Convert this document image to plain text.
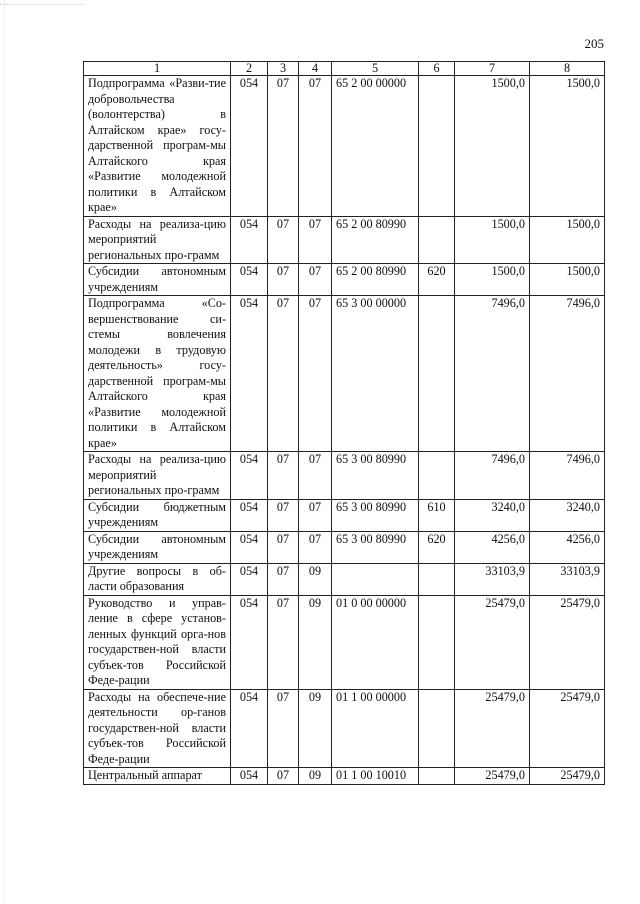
205
1	2	3	4	5	6	7	8
Подпрограмма «Разви-тие добровольчества (волонтерства) в Алтайском крае» госу-дарственной програм-мы Алтайского края «Развитие молодежной политики в Алтайском крае»	054	07	07	65 2 00 00000		1500,0	1500,0
Расходы на реализа-цию мероприятий региональных про-грамм	054	07	07	65 2 00 80990		1500,0	1500,0
Субсидии автономным учреждениям	054	07	07	65 2 00 80990	620	1500,0	1500,0
Подпрограмма «Со-вершенствование си-стемы вовлечения молодежи в трудовую деятельность» госу-дарственной програм-мы Алтайского края «Развитие молодежной политики в Алтайском крае»	054	07	07	65 3 00 00000		7496,0	7496,0
Расходы на реализа-цию мероприятий региональных про-грамм	054	07	07	65 3 00 80990		7496,0	7496,0
Субсидии бюджетным учреждениям	054	07	07	65 3 00 80990	610	3240,0	3240,0
Субсидии автономным учреждениям	054	07	07	65 3 00 80990	620	4256,0	4256,0
Другие вопросы в об-ласти образования	054	07	09			33103,9	33103,9
Руководство и управ-ление в сфере установ-ленных функций орга-нов государствен-ной власти субъек-тов Российской Феде-рации	054	07	09	01 0 00 00000		25479,0	25479,0
Расходы на обеспече-ние деятельности ор-ганов государствен-ной власти субъек-тов Российской Феде-рации	054	07	09	01 1 00 00000		25479,0	25479,0
Центральный аппарат	054	07	09	01 1 00 10010		25479,0	25479,0
